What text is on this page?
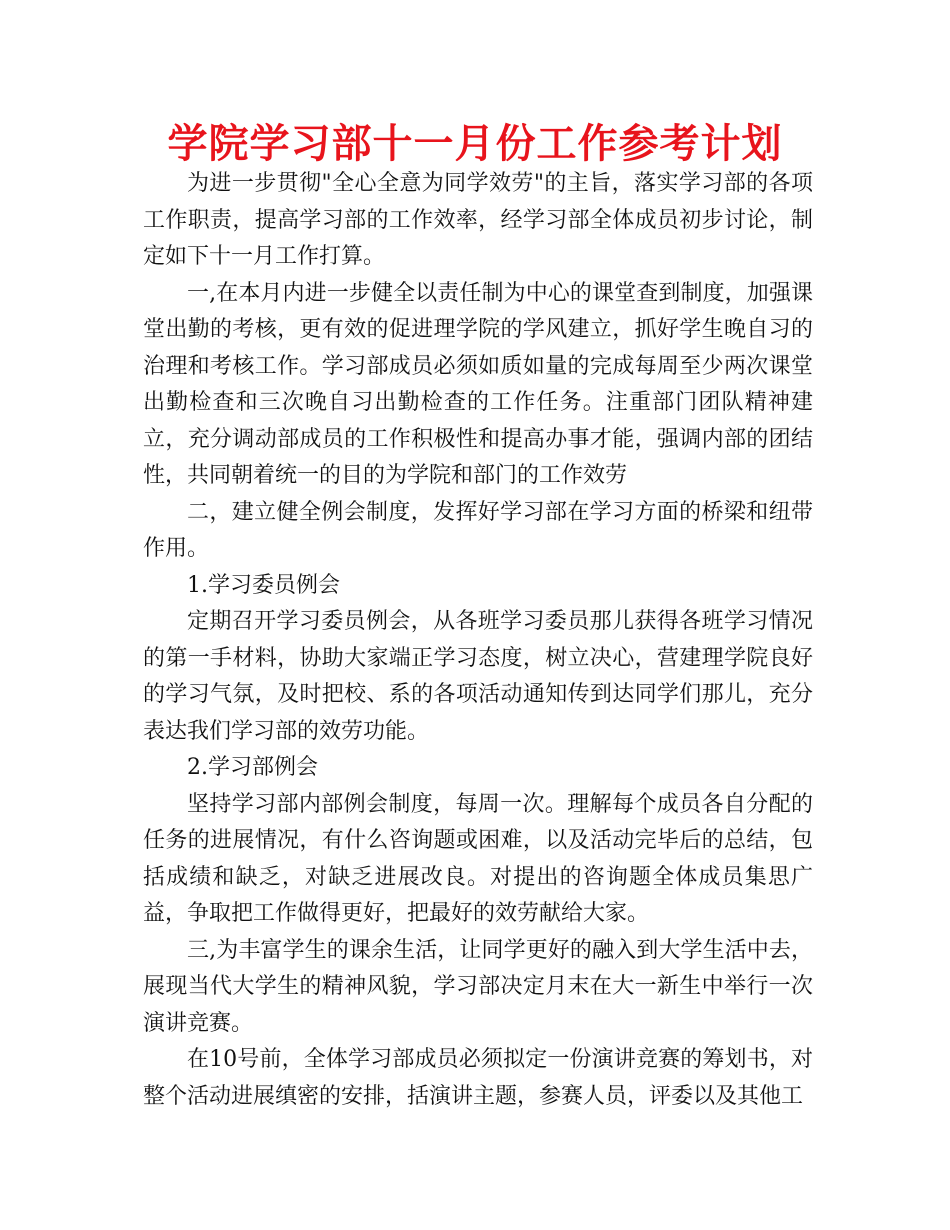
学院学习部十一月份工作参考计划

为进一步贯彻"全心全意为同学效劳"的主旨，落实学习部的各项工作职责，提高学习部的工作效率，经学习部全体成员初步讨论，制定如下十一月工作打算。

一,在本月内进一步健全以责任制为中心的课堂查到制度，加强课堂出勤的考核，更有效的促进理学院的学风建立，抓好学生晚自习的治理和考核工作。学习部成员必须如质如量的完成每周至少两次课堂出勤检查和三次晚自习出勤检查的工作任务。注重部门团队精神建立，充分调动部成员的工作积极性和提高办事才能，强调内部的团结性，共同朝着统一的目的为学院和部门的工作效劳

二，建立健全例会制度，发挥好学习部在学习方面的桥梁和纽带作用。

1.学习委员例会

定期召开学习委员例会，从各班学习委员那儿获得各班学习情况的第一手材料，协助大家端正学习态度，树立决心，营建理学院良好的学习气氛，及时把校、系的各项活动通知传到达同学们那儿，充分表达我们学习部的效劳功能。

2.学习部例会

坚持学习部内部例会制度，每周一次。理解每个成员各自分配的任务的进展情况，有什么咨询题或困难，以及活动完毕后的总结，包括成绩和缺乏，对缺乏进展改良。对提出的咨询题全体成员集思广益，争取把工作做得更好，把最好的效劳献给大家。

三,为丰富学生的课余生活，让同学更好的融入到大学生活中去，展现当代大学生的精神风貌，学习部决定月末在大一新生中举行一次演讲竞赛。

在10号前，全体学习部成员必须拟定一份演讲竞赛的筹划书，对整个活动进展缜密的安排，括演讲主题，参赛人员，评委以及其他工
